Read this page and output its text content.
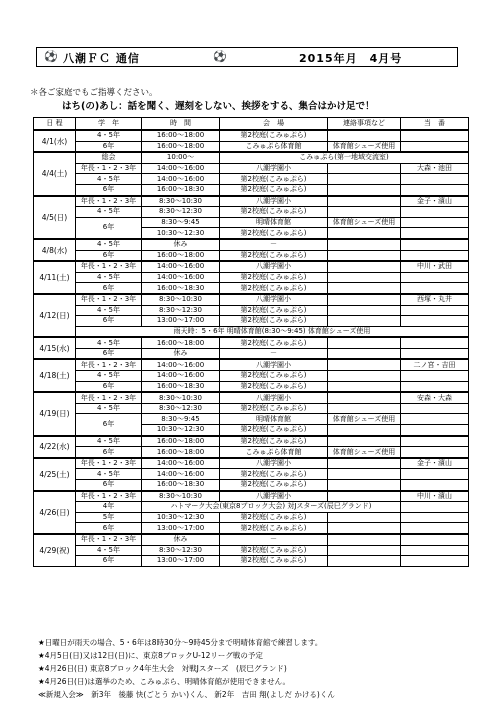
⚽ 八潮ＦＣ 通信	⚽	2015年月　4月号
＊各ご家庭でもご指導ください。
はち(の)あし：話を聞く、遅刻をしない、挨拶をする、集合はかけ足で！
日 程	学　年	時　間	会　場	連絡事項など	当　番
4/1(水)	4・5年	16:00〜18:00	第2校庭(こみゅぷら)		
	6年	16:00〜18:00	こみゅぷら体育館	体育館シューズ使用	
4/4(土)	総会	10:00〜	こみゅぷら(第一地域交流室)		
	年長・1・2・3年	14:00〜16:00	八潮学園小		大森・池田
	4・5年	14:00〜16:00	第2校庭(こみゅぷら)		
	6年	16:00〜18:30	第2校庭(こみゅぷら)		
4/5(日)	年長・1・2・3年	8:30〜10:30	八潮学園小		金子・濱山
	4・5年	8:30〜12:30	第2校庭(こみゅぷら)		
	6年	8:30〜9:45	明晴体育館	体育館シューズ使用	
		10:30〜12:30	第2校庭(こみゅぷら)		
4/8(水)	4・5年	休み	－		
	6年	16:00〜18:00	第2校庭(こみゅぷら)		
4/11(土)	年長・1・2・3年	14:00〜16:00	八潮学園小		中川・武田
	4・5年	14:00〜16:00	第2校庭(こみゅぷら)		
	6年	16:00〜18:30	第2校庭(こみゅぷら)		
4/12(日)	年長・1・2・3年	8:30〜10:30	八潮学園小		西塚・丸井
	4・5年	8:30〜12:30	第2校庭(こみゅぷら)		
	6年	13:00〜17:00	第2校庭(こみゅぷら)		
	雨天時：5・6年 明晴体育館(8:30〜9:45) 体育館シューズ使用				
4/15(水)	4・5年	16:00〜18:00	第2校庭(こみゅぷら)		
	6年	休み	－		
4/18(土)	年長・1・2・3年	14:00〜16:00	八潮学園小		二ノ宮・吉田
	4・5年	14:00〜16:00	第2校庭(こみゅぷら)		
	6年	16:00〜18:30	第2校庭(こみゅぷら)		
4/19(日)	年長・1・2・3年	8:30〜10:30	八潮学園小		安森・大森
	4・5年	8:30〜12:30	第2校庭(こみゅぷら)		
	6年	8:30〜9:45	明晴体育館	体育館シューズ使用	
		10:30〜12:30	第2校庭(こみゅぷら)		
4/22(水)	4・5年	16:00〜18:00	第2校庭(こみゅぷら)		
	6年	16:00〜18:00	こみゅぷら体育館	体育館シューズ使用	
4/25(土)	年長・1・2・3年	14:00〜16:00	八潮学園小		金子・濱山
	4・5年	14:00〜16:00	第2校庭(こみゅぷら)		
	6年	16:00〜18:30	第2校庭(こみゅぷら)		
4/26(日)	年長・1・2・3年	8:30〜10:30	八潮学園小		中川・濱山
	4年	ハトマーク大会(東京8ブロック大会) 対Jスターズ(辰巳グランド)			
	5年	10:30〜12:30	第2校庭(こみゅぷら)		
	6年	13:00〜17:00	第2校庭(こみゅぷら)		
4/29(祝)	年長・1・2・3年	休み	－		
	4・5年	8:30〜12:30	第2校庭(こみゅぷら)		
	6年	13:00〜17:00	第2校庭(こみゅぷら)		
★日曜日が雨天の場合、5・6年は8時30分〜9時45分まで明晴体育館で練習します。
★4月5日(日)又は12日(日)に、東京8ブロックU-12リーグ戦の予定
★4月26日(日) 東京8ブロック4年生大会　対戦Jスターズ　(辰巳グランド)
★4月26日(日)は選挙のため、こみゅぷら、明晴体育館が使用できません。
≪新規入会≫　新3年　後藤 快(ごとう かい)くん、 新2年　吉田 翔(よしだ かける)くん
